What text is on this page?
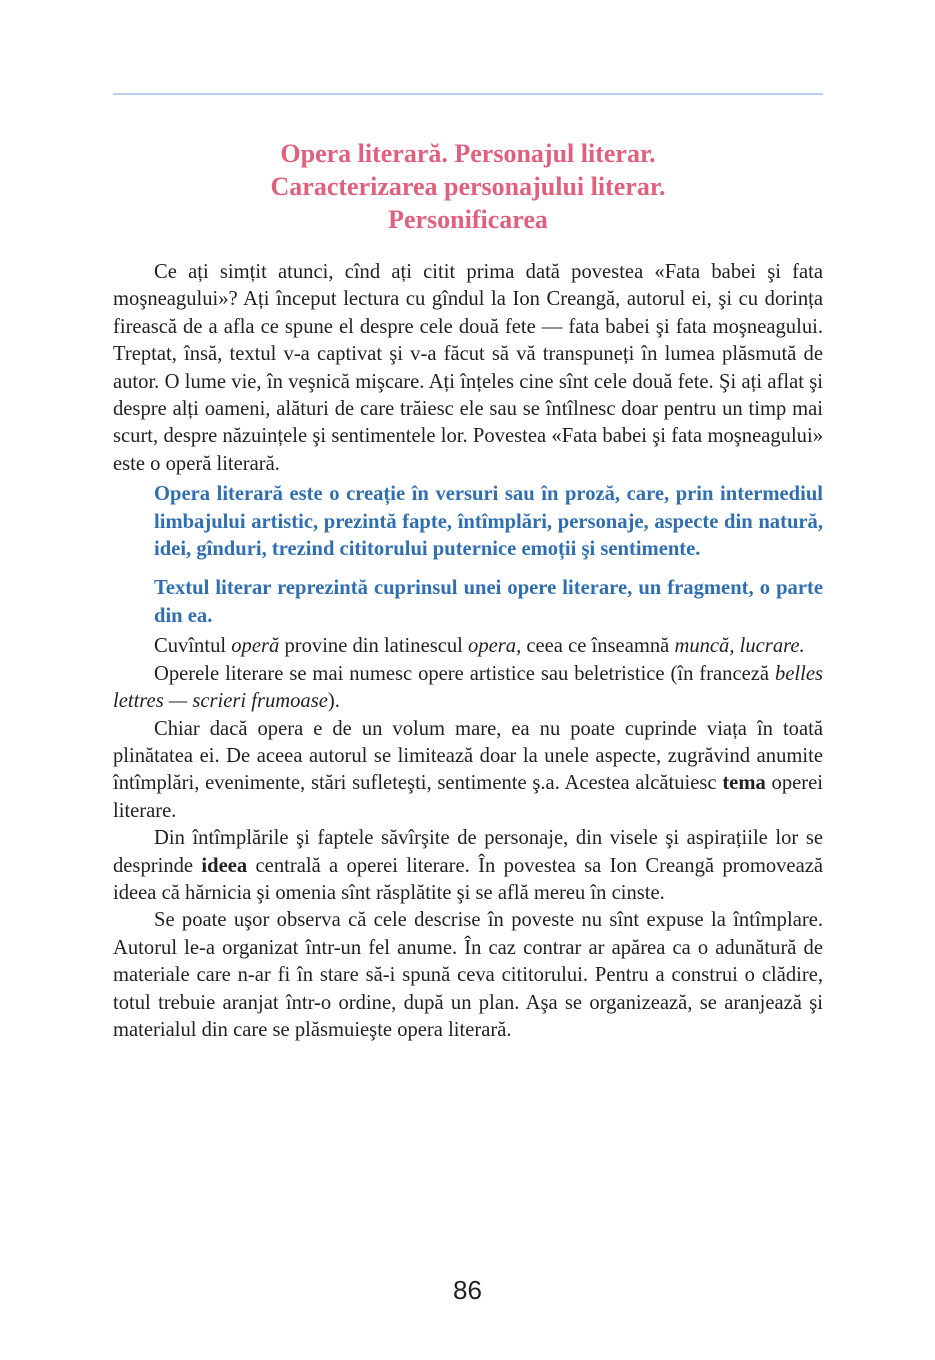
Opera literară. Personajul literar.
Caracterizarea personajului literar.
Personificarea

Ce ați simțit atunci, cînd ați citit prima dată povestea «Fata babei şi fata moşneagului»? Ați început lectura cu gîndul la Ion Creangă, autorul ei, şi cu dorința firească de a afla ce spune el despre cele două fete — fata babei şi fata moşneagului. Treptat, însă, textul v-a captivat şi v-a făcut să vă transpuneți în lumea plăsmută de autor. O lume vie, în veşnică mişcare. Ați înțeles cine sînt cele două fete. Şi ați aflat şi despre alți oameni, alături de care trăiesc ele sau se întîlnesc doar pentru un timp mai scurt, despre năzuințele şi sentimentele lor. Povestea «Fata babei şi fata moşneagului» este o operă literară.

Opera literară este o creație în versuri sau în proză, care, prin intermediul limbajului artistic, prezintă fapte, întîmplări, personaje, aspecte din natură, idei, gînduri, trezind cititorului puternice emoții şi sentimente.

Textul literar reprezintă cuprinsul unei opere literare, un fragment, o parte din ea.

Cuvîntul operă provine din latinescul opera, ceea ce înseamnă muncă, lucrare.

Operele literare se mai numesc opere artistice sau beletristice (în franceză belles lettres — scrieri frumoase).

Chiar dacă opera e de un volum mare, ea nu poate cuprinde viața în toată plinătatea ei. De aceea autorul se limitează doar la unele aspecte, zugrăvind anumite întîmplări, evenimente, stări sufleteşti, sentimente ş.a. Acestea alcătuiesc tema operei literare.

Din întîmplările şi faptele săvîrşite de personaje, din visele şi aspirațiile lor se desprinde ideea centrală a operei literare. În povestea sa Ion Creangă promovează ideea că hărnicia şi omenia sînt răsplătite şi se află mereu în cinste.

Se poate uşor observa că cele descrise în poveste nu sînt expuse la întîmplare. Autorul le-a organizat într-un fel anume. În caz contrar ar apărea ca o adunătură de materiale care n-ar fi în stare să-i spună ceva cititorului. Pentru a construi o clădire, totul trebuie aranjat într-o ordine, după un plan. Aşa se organizează, se aranjează şi materialul din care se plăsmuieşte opera literară.

86
